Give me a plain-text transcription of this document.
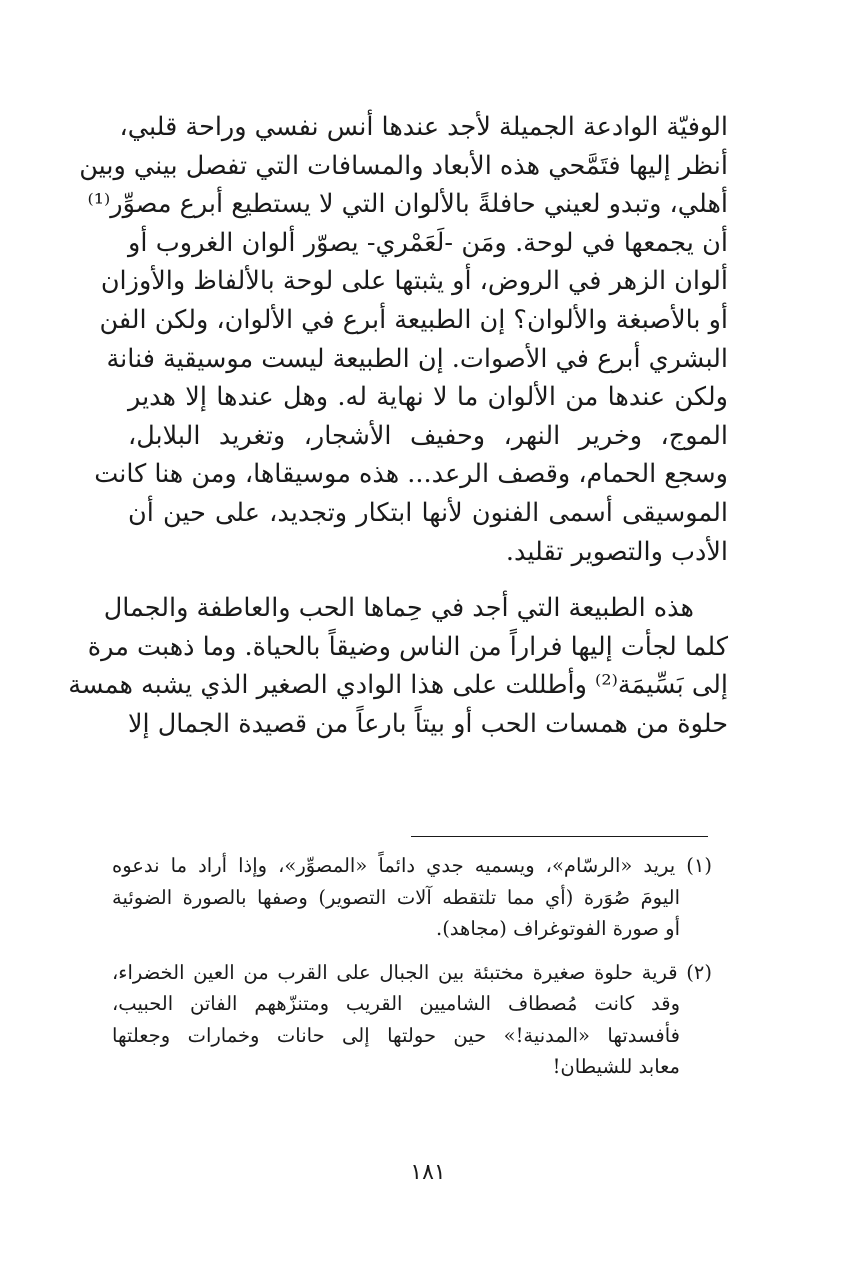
الوفيّة الوادعة الجميلة لأجد عندها أنس نفسي وراحة قلبي،
أنظر إليها فتَمَّحي هذه الأبعاد والمسافات التي تفصل بيني وبين
أهلي، وتبدو لعيني حافلةً بالألوان التي لا يستطيع أبرع مصوِّر⁽¹⁾
أن يجمعها في لوحة. ومَن -لَعَمْري- يصوّر ألوان الغروب أو
ألوان الزهر في الروض، أو يثبتها على لوحة بالألفاظ والأوزان
أو بالأصبغة والألوان؟ إن الطبيعة أبرع في الألوان، ولكن الفن
البشري أبرع في الأصوات. إن الطبيعة ليست موسيقية فنانة
ولكن عندها من الألوان ما لا نهاية له. وهل عندها إلا هدير
الموج، وخرير النهر، وحفيف الأشجار، وتغريد البلابل،
وسجع الحمام، وقصف الرعد... هذه موسيقاها، ومن هنا كانت
الموسيقى أسمى الفنون لأنها ابتكار وتجديد، على حين أن
الأدب والتصوير تقليد.
هذه الطبيعة التي أجد في حِماها الحب والعاطفة والجمال
كلما لجأت إليها فراراً من الناس وضيقاً بالحياة. وما ذهبت مرة
إلى بَسِّيمَة⁽²⁾ وأطللت على هذا الوادي الصغير الذي يشبه همسة
حلوة من همسات الحب أو بيتاً بارعاً من قصيدة الجمال إلا
(١) يريد «الرسّام»، ويسميه جدي دائماً «المصوِّر»، وإذا أراد ما ندعوه
اليومَ صُوَرة (أي مما تلتقطه آلات التصوير) وصفها بالصورة الضوئية
أو صورة الفوتوغراف (مجاهد).
(٢) قرية حلوة صغيرة مختبئة بين الجبال على القرب من العين الخضراء،
وقد كانت مُصطاف الشاميين القريب ومتنزّههم الفاتن الحبيب،
فأفسدتها «المدنية!» حين حولتها إلى حانات وخمارات وجعلتها
معابد للشيطان!
١٨١
